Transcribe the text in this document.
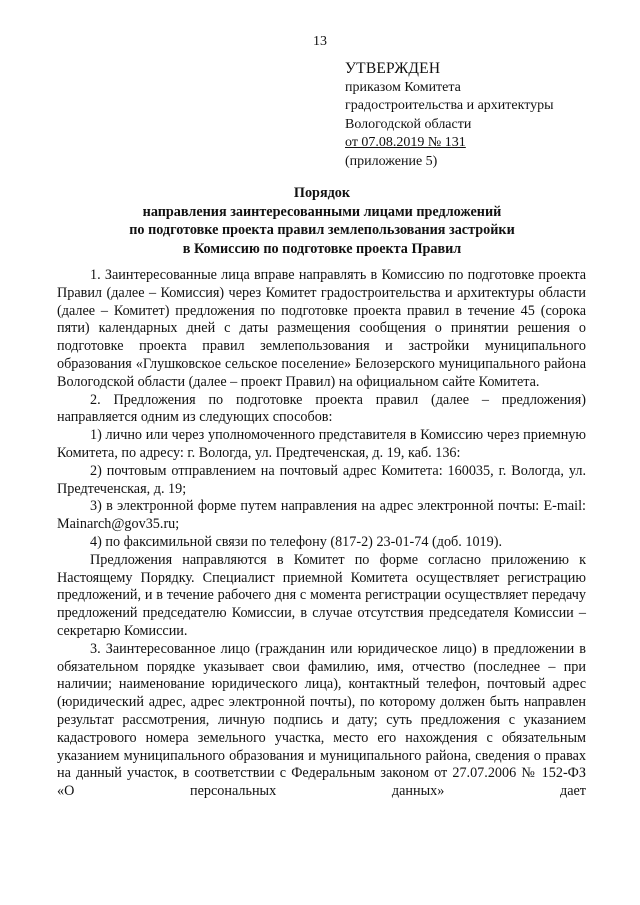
13
УТВЕРЖДЕН
приказом Комитета
градостроительства и архитектуры
Вологодской области
от 07.08.2019 № 131
(приложение 5)
Порядок
направления заинтересованными лицами предложений
по подготовке проекта правил землепользования застройки
в Комиссию по подготовке проекта Правил

1. Заинтересованные лица вправе направлять в Комиссию по подготовке проекта Правил (далее – Комиссия) через Комитет градостроительства и архитектуры области (далее – Комитет) предложения по подготовке проекта правил в течение 45 (сорока пяти) календарных дней с даты размещения сообщения о принятии решения о подготовке проекта правил землепользования и застройки муниципального образования «Глушковское сельское поселение» Белозерского муниципального района Вологодской области (далее – проект Правил) на официальном сайте Комитета.

2. Предложения по подготовке проекта правил (далее – предложения) направляется одним из следующих способов:

1) лично или через уполномоченного представителя в Комиссию через приемную Комитета, по адресу: г. Вологда, ул. Предтеченская, д. 19, каб. 136:

2) почтовым отправлением на почтовый адрес Комитета: 160035, г. Вологда, ул. Предтеченская, д. 19;

3) в электронной форме путем направления на адрес электронной почты: E-mail: Mainarch@gov35.ru;

4) по факсимильной связи по телефону (817-2) 23-01-74 (доб. 1019).

Предложения направляются в Комитет по форме согласно приложению к Настоящему Порядку. Специалист приемной Комитета осуществляет регистрацию предложений, и в течение рабочего дня с момента регистрации осуществляет передачу предложений председателю Комиссии, в случае отсутствия председателя Комиссии – секретарю Комиссии.

3. Заинтересованное лицо (гражданин или юридическое лицо) в предложении в обязательном порядке указывает свои фамилию, имя, отчество (последнее – при наличии; наименование юридического лица), контактный телефон, почтовый адрес (юридический адрес, адрес электронной почты), по которому должен быть направлен результат рассмотрения, личную подпись и дату; суть предложения с указанием кадастрового номера земельного участка, место его нахождения с обязательным указанием муниципального образования и муниципального района, сведения о правах на данный участок, в соответствии с Федеральным законом от 27.07.2006 № 152-ФЗ «О персональных данных» дает
